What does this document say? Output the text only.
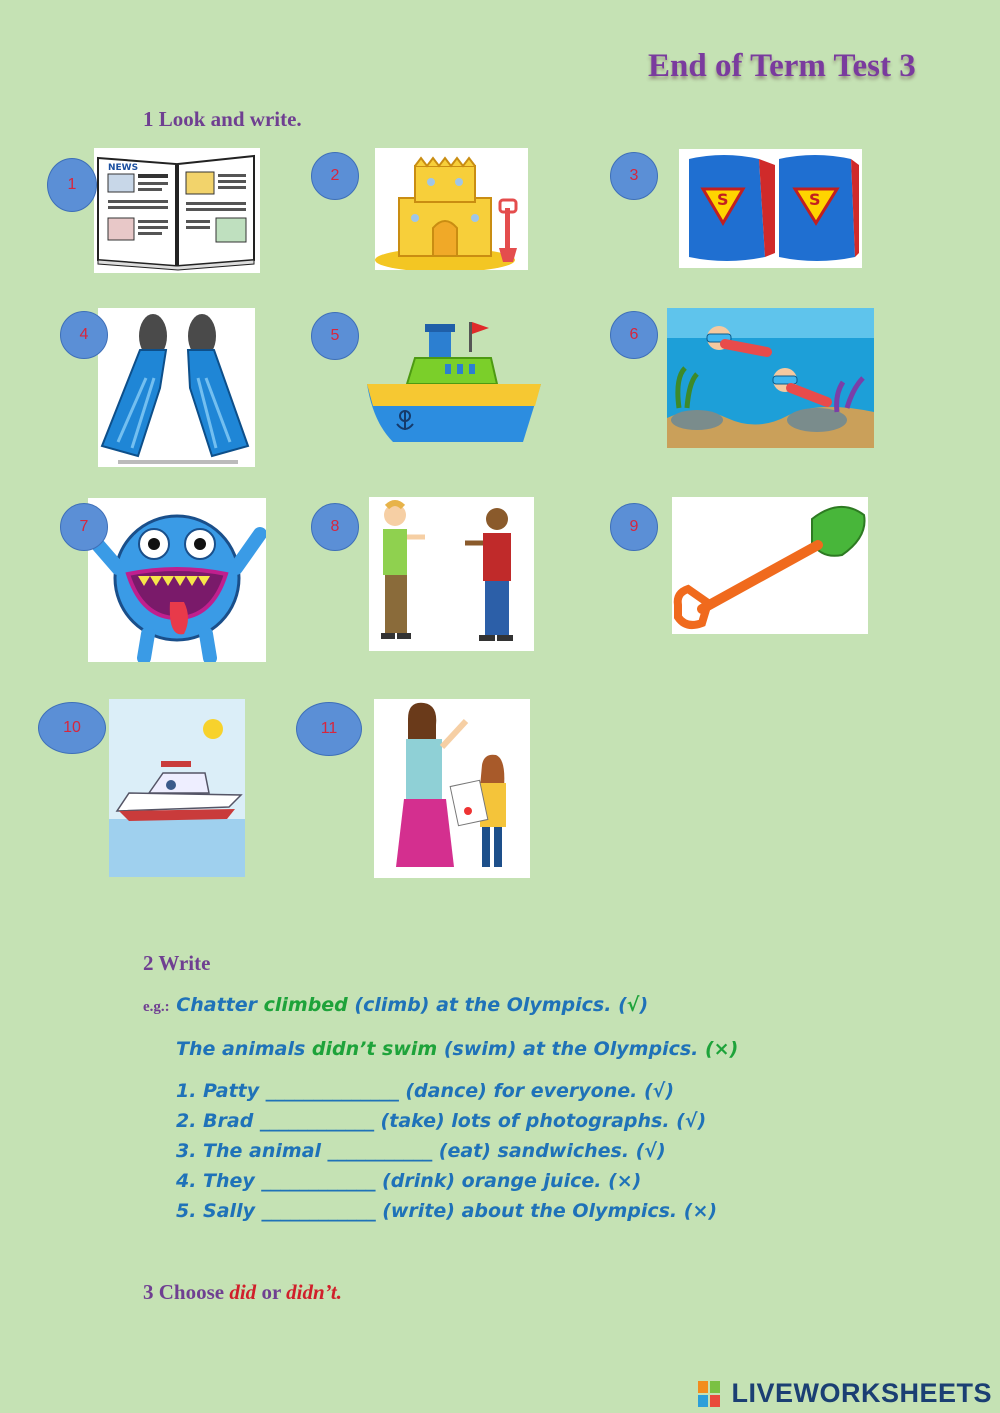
End of Term Test 3
1 Look and write.
NEWS
1
2
S	S
3
4	5	6
7	8	9
10	11
2 Write
e.g.: Chatter climbed (climb) at the Olympics. (√)
The animals didn’t swim (swim) at the Olympics. (×)
1. Patty ______________ (dance) for everyone. (√)
2. Brad ____________ (take) lots of photographs. (√)
3. The animal ___________ (eat) sandwiches. (√)
4. They ____________ (drink) orange juice. (×)
5. Sally ____________ (write) about the Olympics. (×)
3 Choose did or didn’t.
LIVEWORKSHEETS
